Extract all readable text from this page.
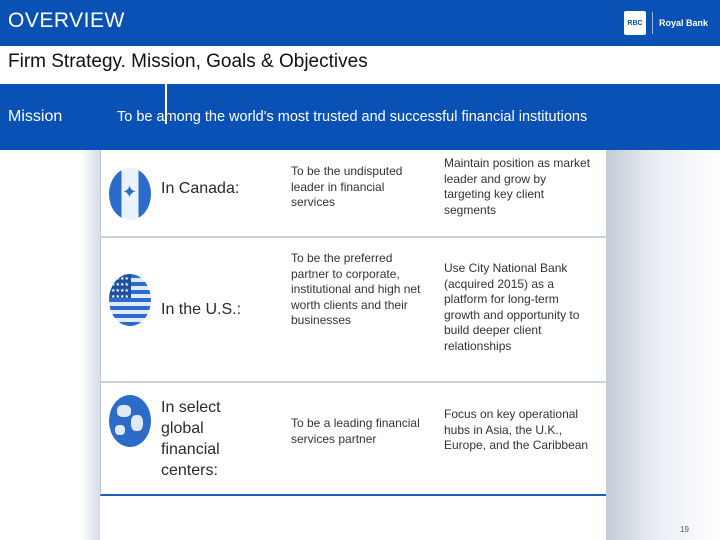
OVERVIEW	RBC Royal Bank
Firm Strategy. Mission, Goals & Objectives
Mission	To be among the world's most trusted and successful financial institutions
✦ In Canada:
To be the undisputed leader in financial services
Maintain position as market leader and grow by targeting key client segments
★★★★★★★★★★★★★★★★
In the U.S.:
To be the preferred partner to corporate, institutional and high net worth clients and their businesses
Use City National Bank (acquired 2015) as a platform for long-term growth and opportunity to build deeper client relationships
In select global financial centers:
To be a leading financial services partner
Focus on key operational hubs in Asia, the U.K., Europe, and the Caribbean
19
